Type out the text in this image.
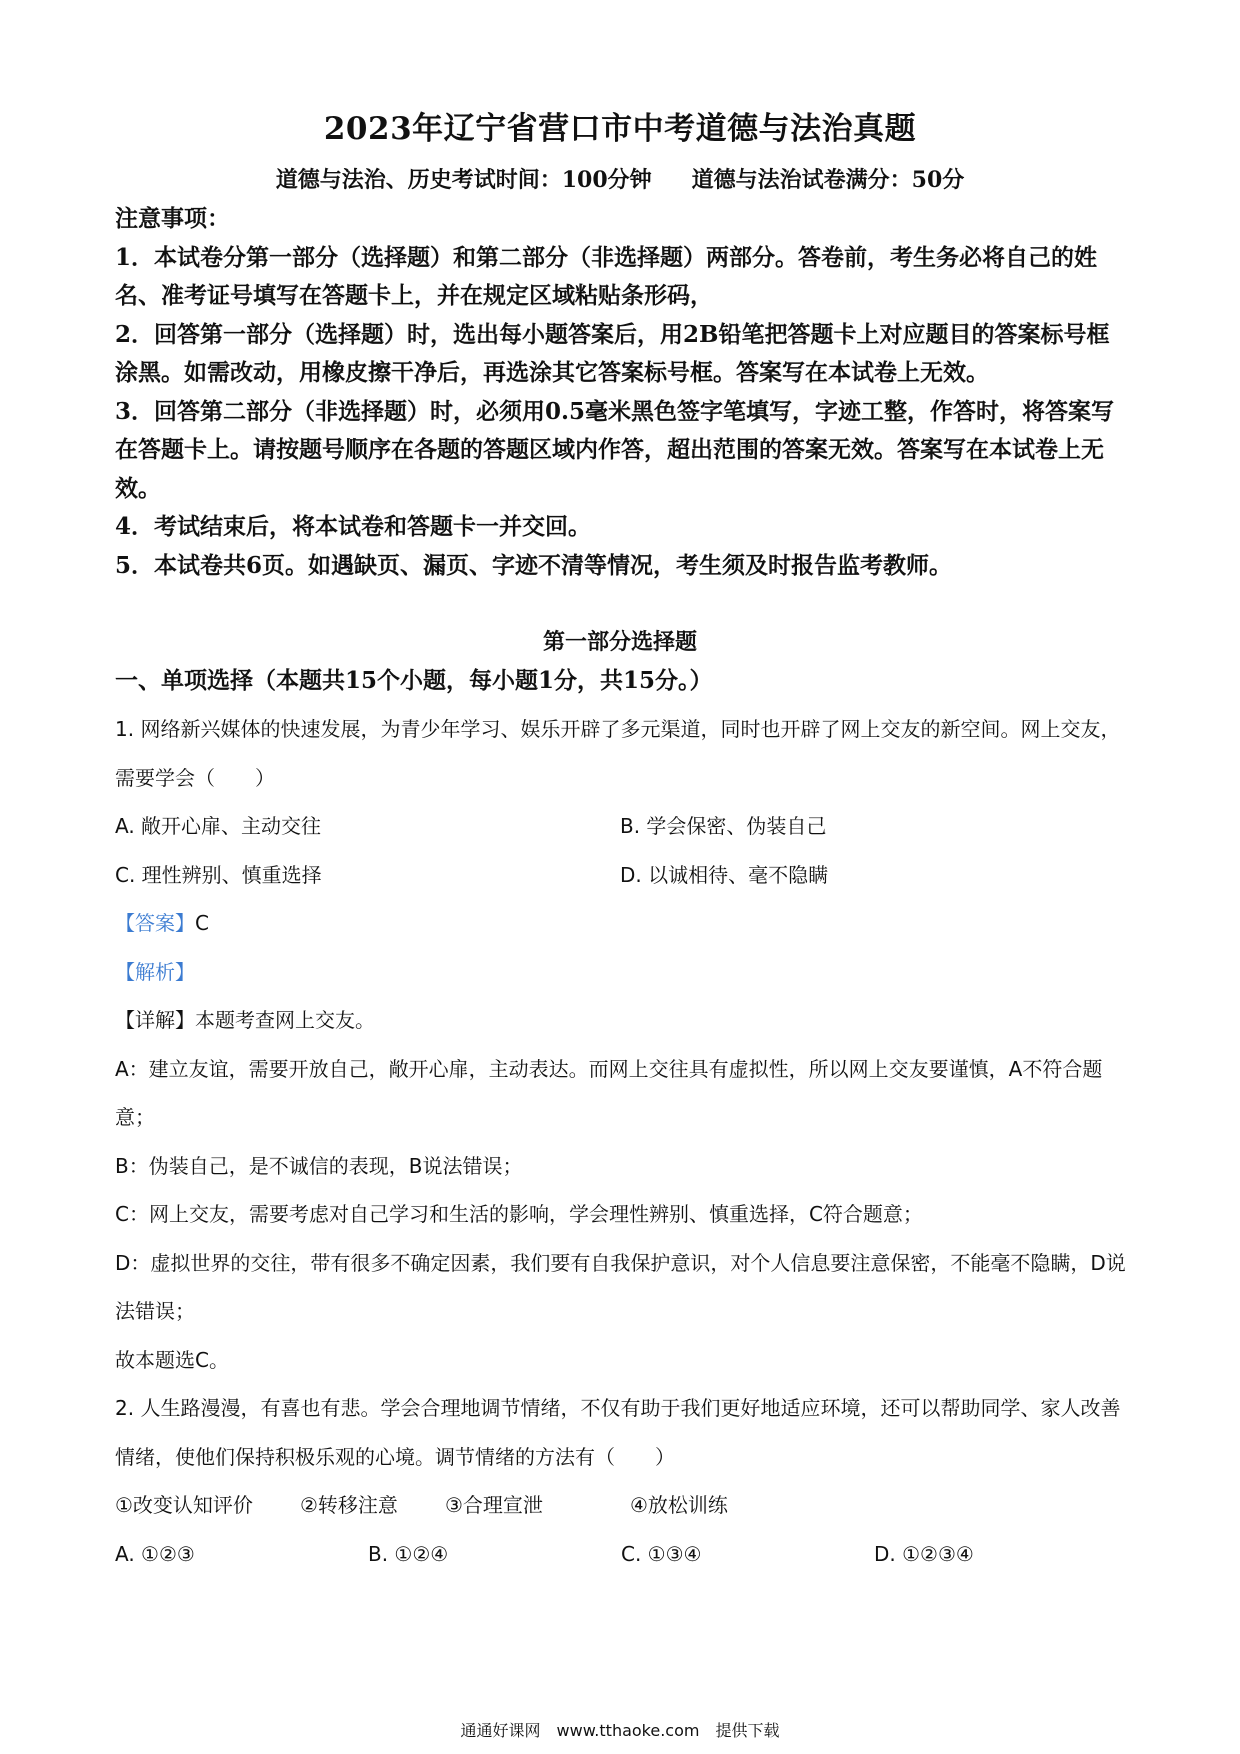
2023年辽宁省营口市中考道德与法治真题
道德与法治、历史考试时间：100分钟 道德与法治试卷满分：50分

注意事项：

1．本试卷分第一部分（选择题）和第二部分（非选择题）两部分。答卷前，考生务必将自己的姓名、准考证号填写在答题卡上，并在规定区域粘贴条形码，

2．回答第一部分（选择题）时，选出每小题答案后，用2B铅笔把答题卡上对应题目的答案标号框涂黑。如需改动，用橡皮擦干净后，再选涂其它答案标号框。答案写在本试卷上无效。

3．回答第二部分（非选择题）时，必须用0.5毫米黑色签字笔填写，字迹工整，作答时，将答案写在答题卡上。请按题号顺序在各题的答题区域内作答，超出范围的答案无效。答案写在本试卷上无效。

4．考试结束后，将本试卷和答题卡一并交回。

5．本试卷共6页。如遇缺页、漏页、字迹不清等情况，考生须及时报告监考教师。

第一部分选择题
一、单项选择（本题共15个小题，每小题1分，共15分。）

1. 网络新兴媒体的快速发展，为青少年学习、娱乐开辟了多元渠道，同时也开辟了网上交友的新空间。网上交友，需要学会（　　）

A. 敞开心扉、主动交往	B. 学会保密、伪装自己
C. 理性辨别、慎重选择	D. 以诚相待、毫不隐瞒

【答案】C

【解析】

【详解】本题考查网上交友。

A：建立友谊，需要开放自己，敞开心扉，主动表达。而网上交往具有虚拟性，所以网上交友要谨慎，A不符合题意；

B：伪装自己，是不诚信的表现，B说法错误；

C：网上交友，需要考虑对自己学习和生活的影响，学会理性辨别、慎重选择，C符合题意；

D：虚拟世界的交往，带有很多不确定因素，我们要有自我保护意识，对个人信息要注意保密，不能毫不隐瞒，D说法错误；

故本题选C。

2. 人生路漫漫，有喜也有悲。学会合理地调节情绪，不仅有助于我们更好地适应环境，还可以帮助同学、家人改善情绪，使他们保持积极乐观的心境。调节情绪的方法有（　　）

①改变认知评价	②转移注意	③合理宣泄	④放松训练
A. ①②③	B. ①②④	C. ①③④	D. ①②③④
通通好课网　www.tthaoke.com　提供下载
